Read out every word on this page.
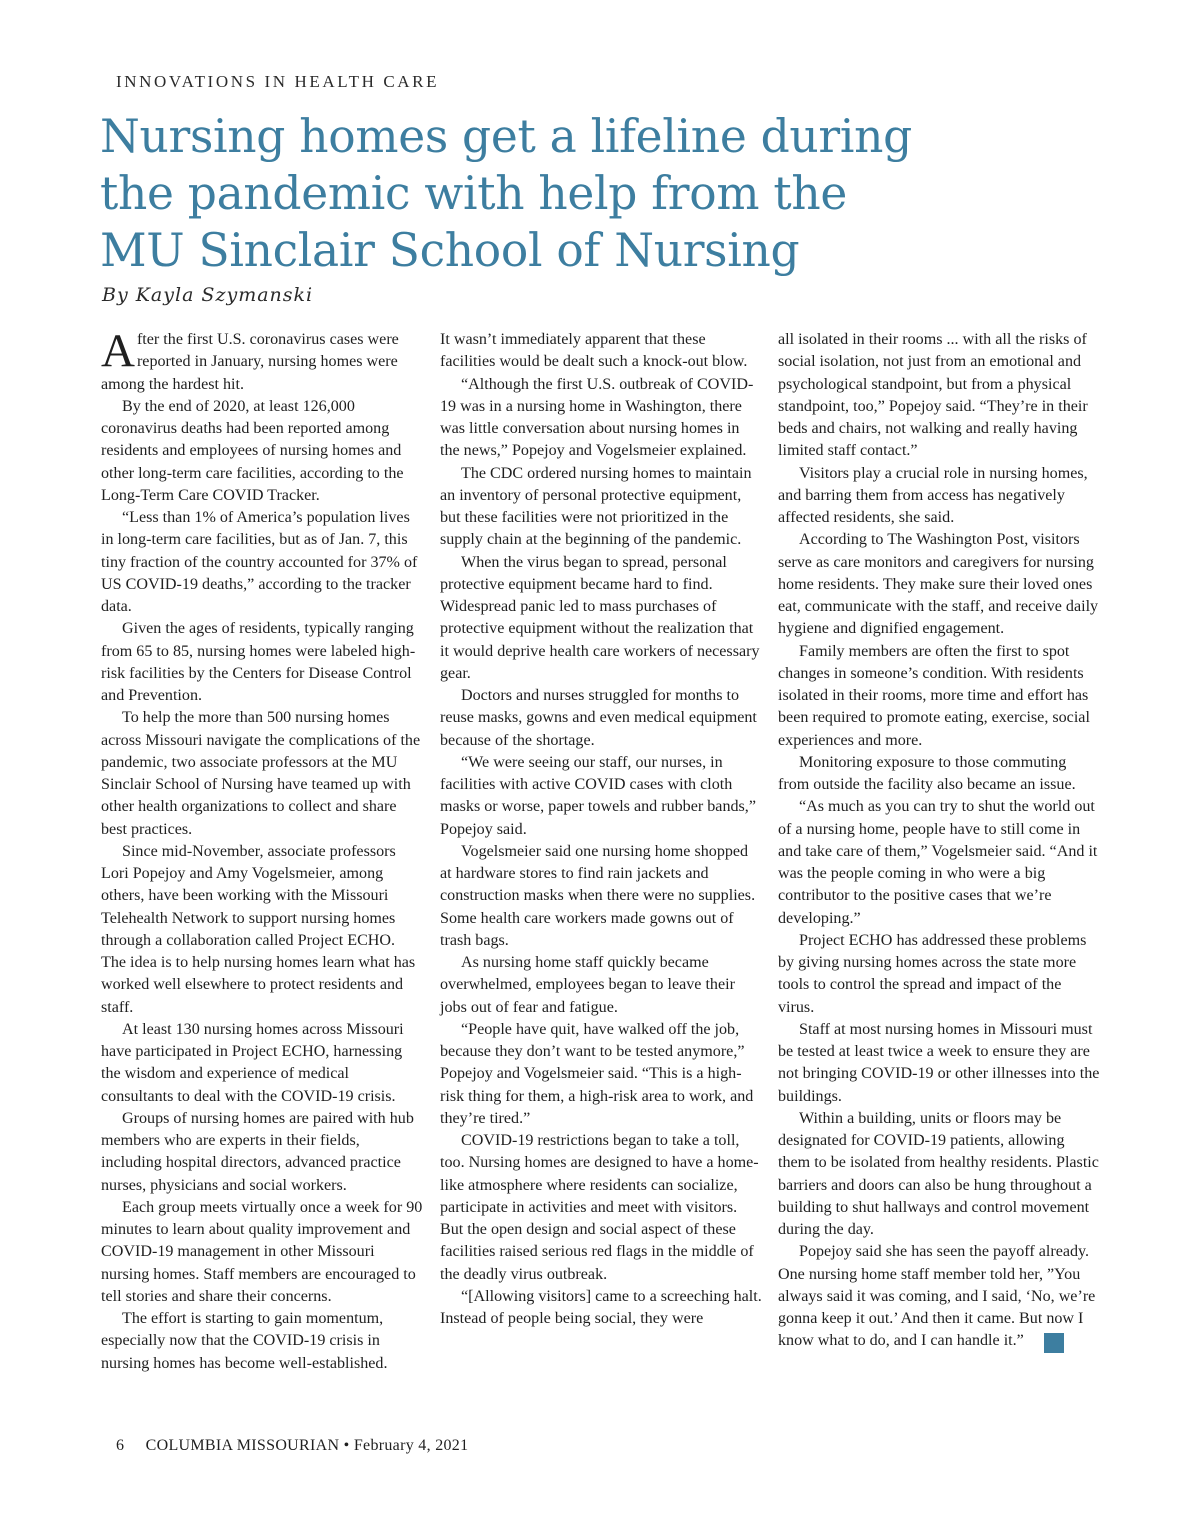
INNOVATIONS IN HEALTH CARE
Nursing homes get a lifeline during
the pandemic with help from the
MU Sinclair School of Nursing
By Kayla Szymanski

After the first U.S. coronavirus cases were reported in January, nursing homes were among the hardest hit.

By the end of 2020, at least 126,000 coronavirus deaths had been reported among residents and employees of nursing homes and other long-term care facilities, according to the Long-Term Care COVID Tracker.

“Less than 1% of America’s population lives in long-term care facilities, but as of Jan. 7, this tiny fraction of the country accounted for 37% of US COVID-19 deaths,” according to the tracker data.

Given the ages of residents, typically ranging from 65 to 85, nursing homes were labeled high-risk facilities by the Centers for Disease Control and Prevention.

To help the more than 500 nursing homes across Missouri navigate the complications of the pandemic, two associate professors at the MU Sinclair School of Nursing have teamed up with other health organizations to collect and share best practices.

Since mid-November, associate professors Lori Popejoy and Amy Vogelsmeier, among others, have been working with the Missouri Telehealth Network to support nursing homes through a collaboration called Project ECHO. The idea is to help nursing homes learn what has worked well elsewhere to protect residents and staff.

At least 130 nursing homes across Missouri have participated in Project ECHO, harnessing the wisdom and experience of medical consultants to deal with the COVID-19 crisis.

Groups of nursing homes are paired with hub members who are experts in their fields, including hospital directors, advanced practice nurses, physicians and social workers.

Each group meets virtually once a week for 90 minutes to learn about quality improvement and COVID-19 management in other Missouri nursing homes. Staff members are encouraged to tell stories and share their concerns.

The effort is starting to gain momentum, especially now that the COVID-19 crisis in nursing homes has become well-established.

It wasn’t immediately apparent that these facilities would be dealt such a knock-out blow.

“Although the first U.S. outbreak of COVID-19 was in a nursing home in Washington, there was little conversation about nursing homes in the news,” Popejoy and Vogelsmeier explained.

The CDC ordered nursing homes to maintain an inventory of personal protective equipment, but these facilities were not prioritized in the supply chain at the beginning of the pandemic.

When the virus began to spread, personal protective equipment became hard to find. Widespread panic led to mass purchases of protective equipment without the realization that it would deprive health care workers of necessary gear.

Doctors and nurses struggled for months to reuse masks, gowns and even medical equipment because of the shortage.

“We were seeing our staff, our nurses, in facilities with active COVID cases with cloth masks or worse, paper towels and rubber bands,” Popejoy said.

Vogelsmeier said one nursing home shopped at hardware stores to find rain jackets and construction masks when there were no supplies. Some health care workers made gowns out of trash bags.

As nursing home staff quickly became overwhelmed, employees began to leave their jobs out of fear and fatigue.

“People have quit, have walked off the job, because they don’t want to be tested anymore,” Popejoy and Vogelsmeier said. “This is a high-risk thing for them, a high-risk area to work, and they’re tired.”

COVID-19 restrictions began to take a toll, too. Nursing homes are designed to have a home-like atmosphere where residents can socialize, participate in activities and meet with visitors. But the open design and social aspect of these facilities raised serious red flags in the middle of the deadly virus outbreak.

“[Allowing visitors] came to a screeching halt. Instead of people being social, they were

all isolated in their rooms ... with all the risks of social isolation, not just from an emotional and psychological standpoint, but from a physical standpoint, too,” Popejoy said. “They’re in their beds and chairs, not walking and really having limited staff contact.”

Visitors play a crucial role in nursing homes, and barring them from access has negatively affected residents, she said.

According to The Washington Post, visitors serve as care monitors and caregivers for nursing home residents. They make sure their loved ones eat, communicate with the staff, and receive daily hygiene and dignified engagement.

Family members are often the first to spot changes in someone’s condition. With residents isolated in their rooms, more time and effort has been required to promote eating, exercise, social experiences and more.

Monitoring exposure to those commuting from outside the facility also became an issue.

“As much as you can try to shut the world out of a nursing home, people have to still come in and take care of them,” Vogelsmeier said. “And it was the people coming in who were a big contributor to the positive cases that we’re developing.”

Project ECHO has addressed these problems by giving nursing homes across the state more tools to control the spread and impact of the virus.

Staff at most nursing homes in Missouri must be tested at least twice a week to ensure they are not bringing COVID-19 or other illnesses into the buildings.

Within a building, units or floors may be designated for COVID-19 patients, allowing them to be isolated from healthy residents. Plastic barriers and doors can also be hung throughout a building to shut hallways and control movement during the day.

Popejoy said she has seen the payoff already. One nursing home staff member told her, ”You always said it was coming, and I said, ‘No, we’re gonna keep it out.’ And then it came. But now I know what to do, and I can handle it.”

6 COLUMBIA MISSOURIAN • February 4, 2021
